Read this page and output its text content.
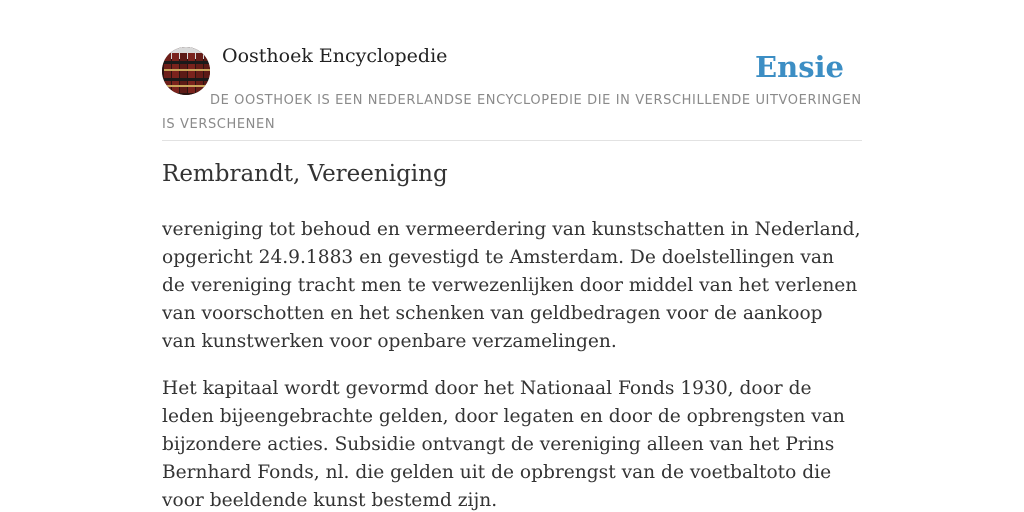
Oosthoek Encyclopedie	Ensie
DE OOSTHOEK IS EEN NEDERLANDSE ENCYCLOPEDIE DIE IN VERSCHILLENDE UITVOERINGEN IS VERSCHENEN
Rembrandt, Vereeniging

vereniging tot behoud en vermeerdering van kunstschatten in Nederland, opgericht 24.9.1883 en gevestigd te Amsterdam. De doelstellingen van de vereniging tracht men te verwezenlijken door middel van het verlenen van voorschotten en het schenken van geldbedragen voor de aankoop van kunstwerken voor openbare verzamelingen.

Het kapitaal wordt gevormd door het Nationaal Fonds 1930, door de leden bijeengebrachte gelden, door legaten en door de opbrengsten van bijzondere acties. Subsidie ontvangt de vereniging alleen van het Prins Bernhard Fonds, nl. die gelden uit de opbrengst van de voetbaltoto die voor beeldende kunst bestemd zijn.
